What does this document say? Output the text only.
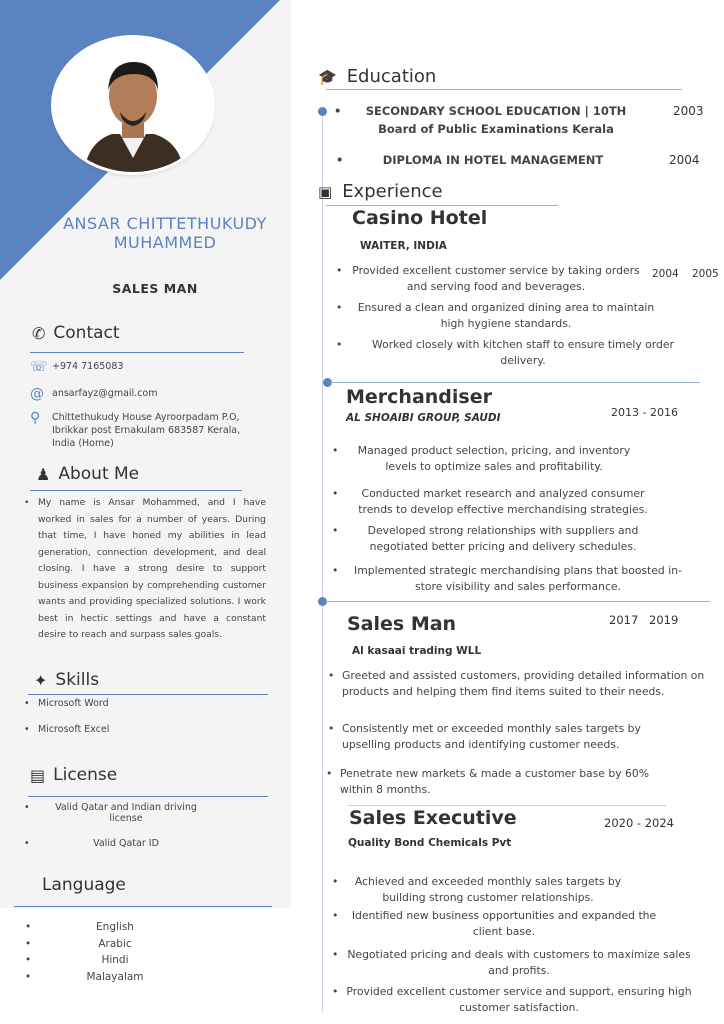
ANSAR CHITTETHUKUDY
MUHAMMED
SALES MAN
✆ Contact
☏ +974 7165083
@ ansarfayz@gmail.com
⚲	Chittethukudy House Ayroorpadam P.O, Ibrikkar post Ernakulam 683587 Kerala, India (Home)
♟ About Me

• My name is Ansar Mohammed, and I have worked in sales for a number of years. During that time, I have honed my abilities in lead generation, connection development, and deal closing. I have a strong desire to support business expansion by comprehending customer wants and providing specialized solutions. I work best in hectic settings and have a constant desire to reach and surpass sales goals.

✦ Skills
• Microsoft Word
• Microsoft Excel
▤ License
• Valid Qatar and Indian driving license
• Valid Qatar ID
Language
• English
• Arabic
• Hindi
• Malayalam
🎓 Education
• SECONDARY SCHOOL EDUCATION | 10TH
Board of Public Examinations Kerala
2003
• DIPLOMA IN HOTEL MANAGEMENT	2004
▣ Experience
Casino Hotel
WAITER, INDIA
2004 2005
• Provided excellent customer service by taking orders and serving food and beverages.
• Ensured a clean and organized dining area to maintain high hygiene standards.
• Worked closely with kitchen staff to ensure timely order delivery.
Merchandiser
AL SHOAIBI GROUP, SAUDI	2013 - 2016
• Managed product selection, pricing, and inventory levels to optimize sales and profitability.
• Conducted market research and analyzed consumer trends to develop effective merchandising strategies.
• Developed strong relationships with suppliers and negotiated better pricing and delivery schedules.
• Implemented strategic merchandising plans that boosted in-store visibility and sales performance.
Sales Man
Al kasaai trading WLL
2017 2019
• Greeted and assisted customers, providing detailed information on products and helping them find items suited to their needs.
• Consistently met or exceeded monthly sales targets by upselling products and identifying customer needs.
• Penetrate new markets & made a customer base by 60% within 8 months.
Sales Executive
Quality Bond Chemicals Pvt
2020 - 2024
• Achieved and exceeded monthly sales targets by building strong customer relationships.
• Identified new business opportunities and expanded the client base.
• Negotiated pricing and deals with customers to maximize sales and profits.
• Provided excellent customer service and support, ensuring high customer satisfaction.
